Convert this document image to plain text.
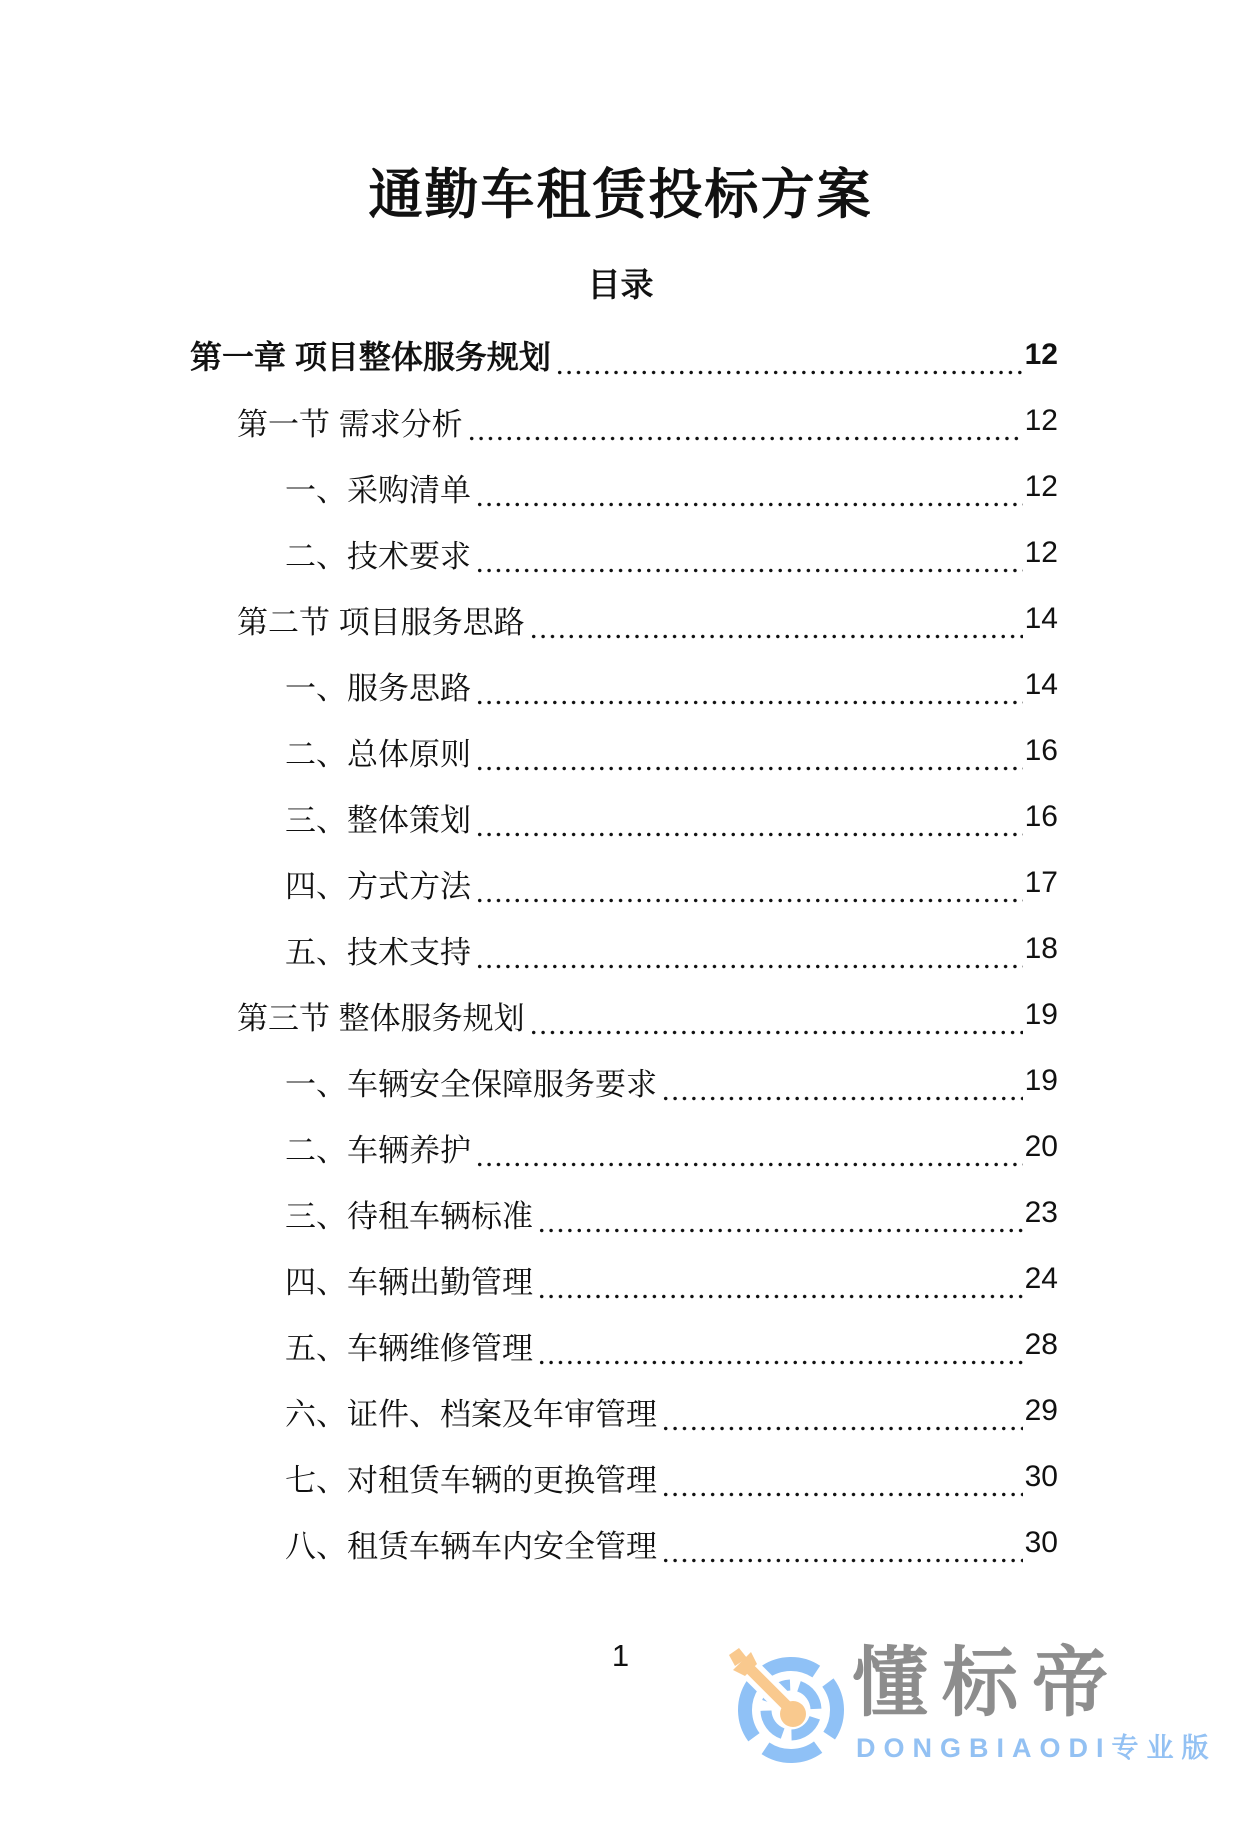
通勤车租赁投标方案
目录
第一章 项目整体服务规划	12
第一节 需求分析	12
一、采购清单	12
二、技术要求	12
第二节 项目服务思路	14
一、服务思路	14
二、总体原则	16
三、整体策划	16
四、方式方法	17
五、技术支持	18
第三节 整体服务规划	19
一、车辆安全保障服务要求	19
二、车辆养护	20
三、待租车辆标准	23
四、车辆出勤管理	24
五、车辆维修管理	28
六、证件、档案及年审管理	29
七、对租赁车辆的更换管理	30
八、租赁车辆车内安全管理	30
1	懂标帝
DONGBIAODI专业版
